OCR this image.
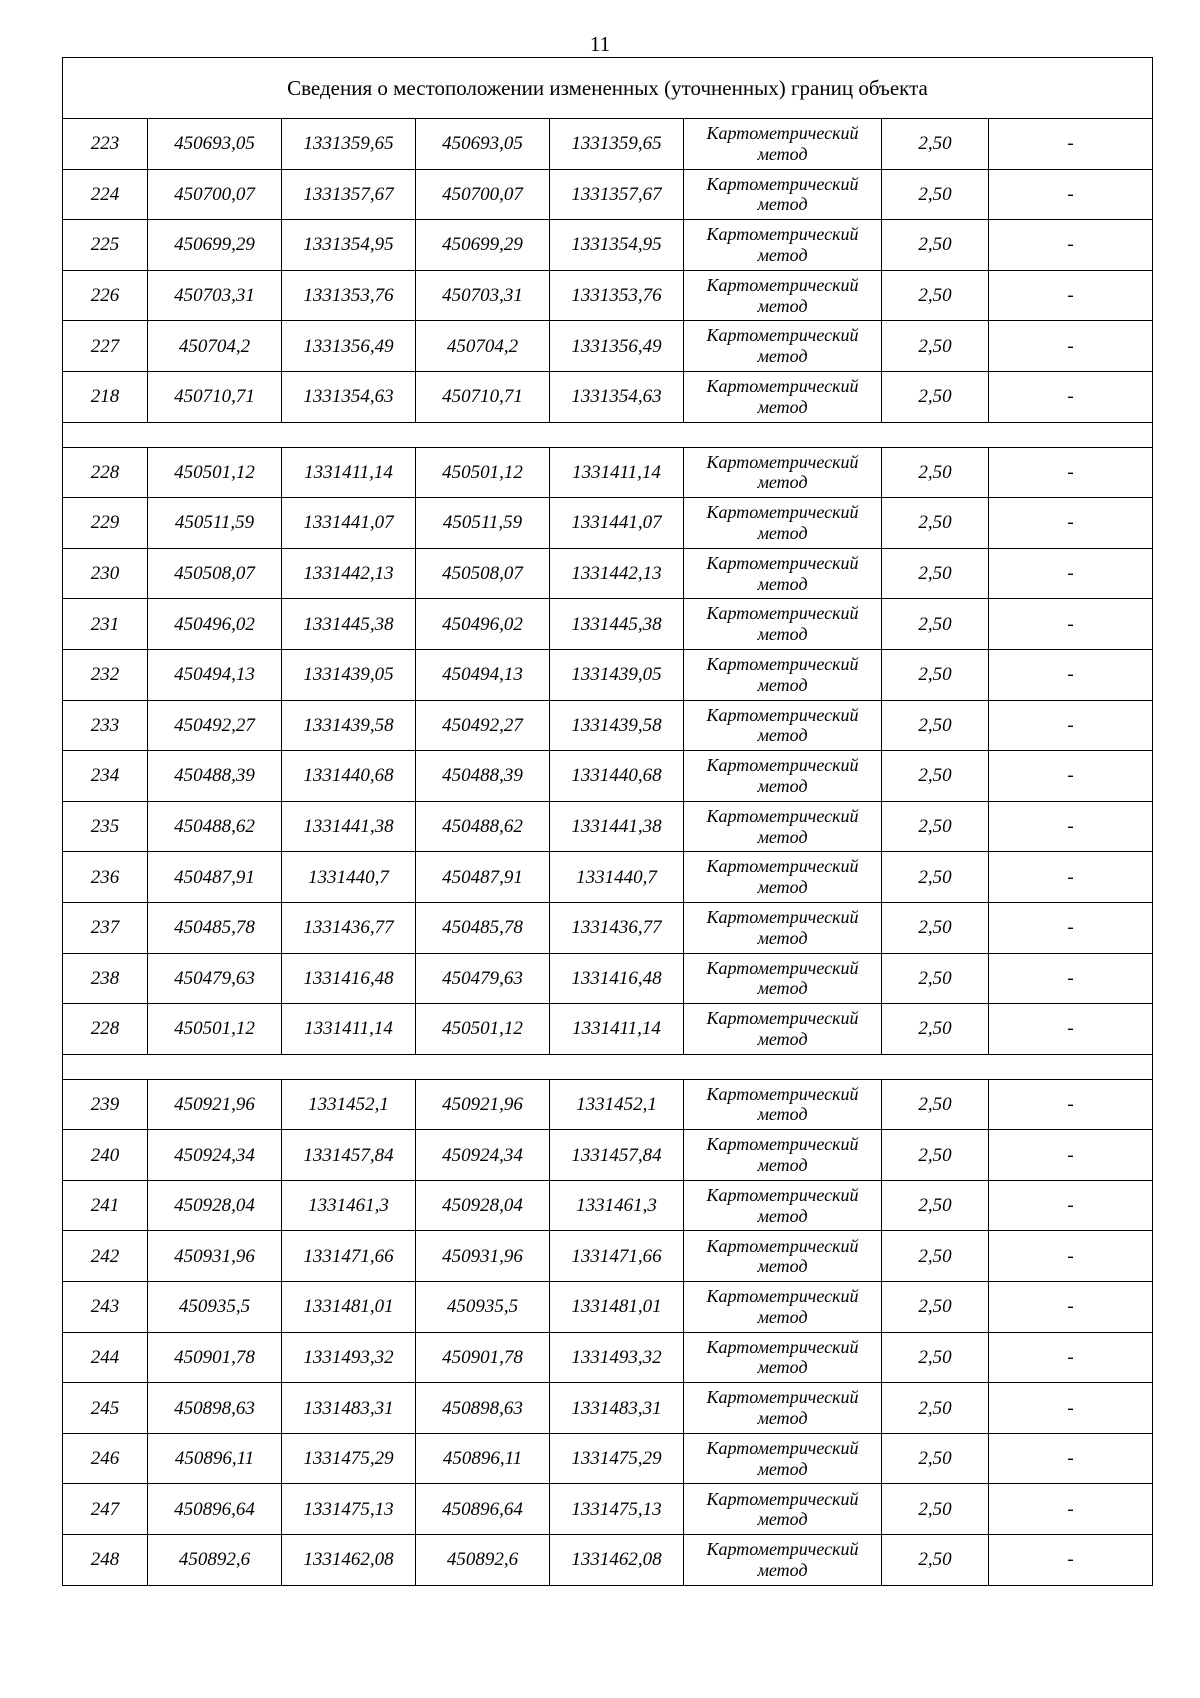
11
Сведения о местоположении измененных (уточненных) границ объекта							
223	450693,05	1331359,65	450693,05	1331359,65	Картометрический метод	2,50	-
224	450700,07	1331357,67	450700,07	1331357,67	Картометрический метод	2,50	-
225	450699,29	1331354,95	450699,29	1331354,95	Картометрический метод	2,50	-
226	450703,31	1331353,76	450703,31	1331353,76	Картометрический метод	2,50	-
227	450704,2	1331356,49	450704,2	1331356,49	Картометрический метод	2,50	-
218	450710,71	1331354,63	450710,71	1331354,63	Картометрический метод	2,50	-

228	450501,12	1331411,14	450501,12	1331411,14	Картометрический метод	2,50	-
229	450511,59	1331441,07	450511,59	1331441,07	Картометрический метод	2,50	-
230	450508,07	1331442,13	450508,07	1331442,13	Картометрический метод	2,50	-
231	450496,02	1331445,38	450496,02	1331445,38	Картометрический метод	2,50	-
232	450494,13	1331439,05	450494,13	1331439,05	Картометрический метод	2,50	-
233	450492,27	1331439,58	450492,27	1331439,58	Картометрический метод	2,50	-
234	450488,39	1331440,68	450488,39	1331440,68	Картометрический метод	2,50	-
235	450488,62	1331441,38	450488,62	1331441,38	Картометрический метод	2,50	-
236	450487,91	1331440,7	450487,91	1331440,7	Картометрический метод	2,50	-
237	450485,78	1331436,77	450485,78	1331436,77	Картометрический метод	2,50	-
238	450479,63	1331416,48	450479,63	1331416,48	Картометрический метод	2,50	-
228	450501,12	1331411,14	450501,12	1331411,14	Картометрический метод	2,50	-

239	450921,96	1331452,1	450921,96	1331452,1	Картометрический метод	2,50	-
240	450924,34	1331457,84	450924,34	1331457,84	Картометрический метод	2,50	-
241	450928,04	1331461,3	450928,04	1331461,3	Картометрический метод	2,50	-
242	450931,96	1331471,66	450931,96	1331471,66	Картометрический метод	2,50	-
243	450935,5	1331481,01	450935,5	1331481,01	Картометрический метод	2,50	-
244	450901,78	1331493,32	450901,78	1331493,32	Картометрический метод	2,50	-
245	450898,63	1331483,31	450898,63	1331483,31	Картометрический метод	2,50	-
246	450896,11	1331475,29	450896,11	1331475,29	Картометрический метод	2,50	-
247	450896,64	1331475,13	450896,64	1331475,13	Картометрический метод	2,50	-
248	450892,6	1331462,08	450892,6	1331462,08	Картометрический метод	2,50	-
